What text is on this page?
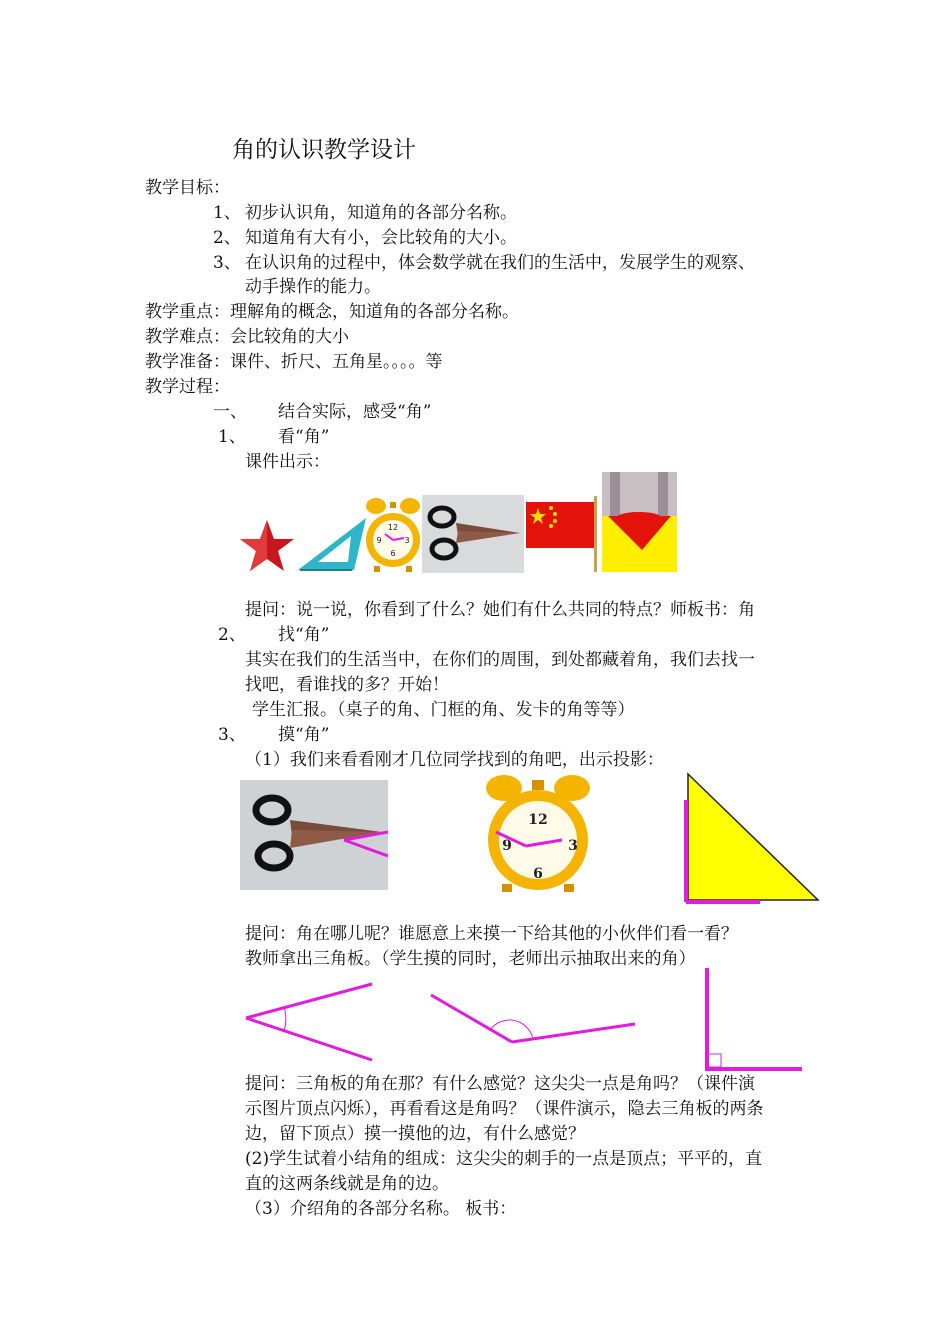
角的认识教学设计
教学目标：
1、 初步认识角，知道角的各部分名称。
2、 知道角有大有小，会比较角的大小。
3、 在认识角的过程中，体会数学就在我们的生活中，发展学生的观察、
动手操作的能力。
教学重点：理解角的概念，知道角的各部分名称。
教学难点：会比较角的大小
教学准备：课件、折尺、五角星。。。。等
教学过程：
一、 结合实际，感受“角”
1、 看“角”
课件出示：
12
9	3
6
提问：说一说，你看到了什么？她们有什么共同的特点？师板书：角
2、 找“角”
其实在我们的生活当中，在你们的周围，到处都藏着角，我们去找一
找吧，看谁找的多？开始！
学生汇报。（桌子的角、门框的角、发卡的角等等）
3、 摸“角”
（1）我们来看看刚才几位同学找到的角吧，出示投影：
12
9	3
6
提问：角在哪儿呢？谁愿意上来摸一下给其他的小伙伴们看一看？
教师拿出三角板。（学生摸的同时，老师出示抽取出来的角）
提问：三角板的角在那？有什么感觉？这尖尖一点是角吗？（课件演
示图片顶点闪烁），再看看这是角吗？（课件演示，隐去三角板的两条
边，留下顶点）摸一摸他的边，有什么感觉？
(2)学生试着小结角的组成：这尖尖的刺手的一点是顶点；平平的，直
直的这两条线就是角的边。
（3）介绍角的各部分名称。 板书：
